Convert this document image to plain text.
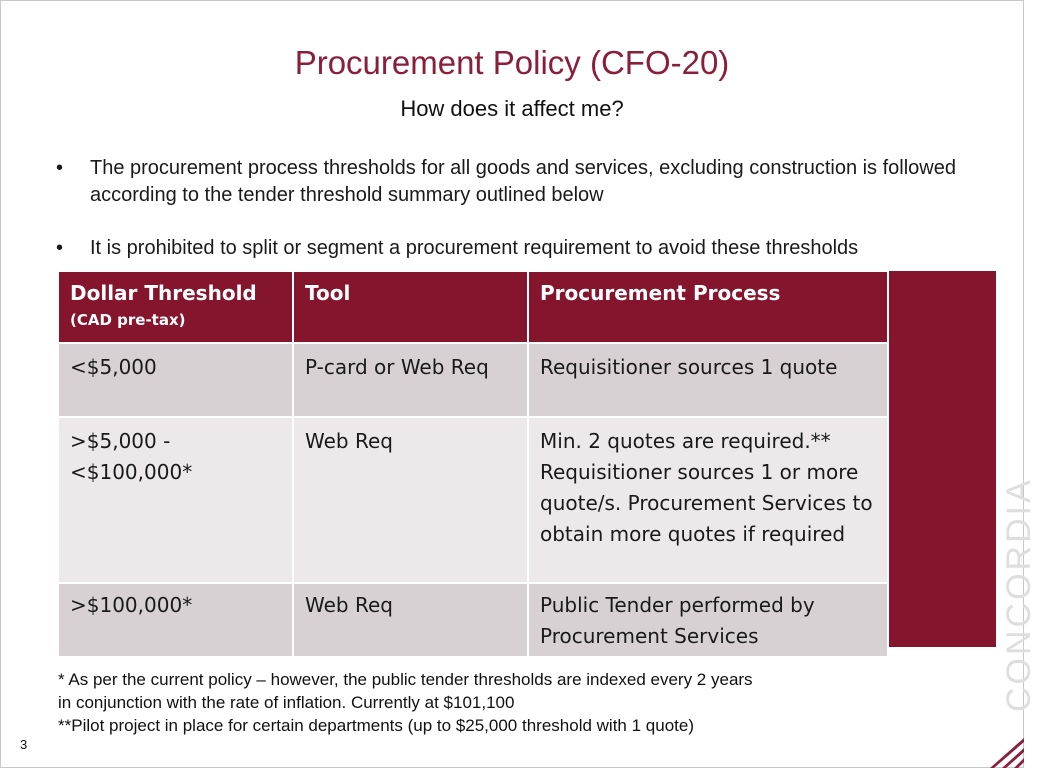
Procurement Policy (CFO-20)
How does it affect me?
• The procurement process thresholds for all goods and services, excluding construction is followed according to the tender threshold summary outlined below
• It is prohibited to split or segment a procurement requirement to avoid these thresholds
Dollar Threshold
(CAD pre-tax)	Tool	Procurement Process
<$5,000	P-card or Web Req	Requisitioner sources 1 quote
>$5,000 - <$100,000*	Web Req	Min. 2 quotes are required.** Requisitioner sources 1 or more quote/s. Procurement Services to obtain more quotes if required
>$100,000*	Web Req	Public Tender performed by Procurement Services
* As per the current policy – however, the public tender thresholds are indexed every 2 years
in conjunction with the rate of inflation. Currently at $101,100
**Pilot project in place for certain departments (up to $25,000 threshold with 1 quote)
3
CONCORDIA
